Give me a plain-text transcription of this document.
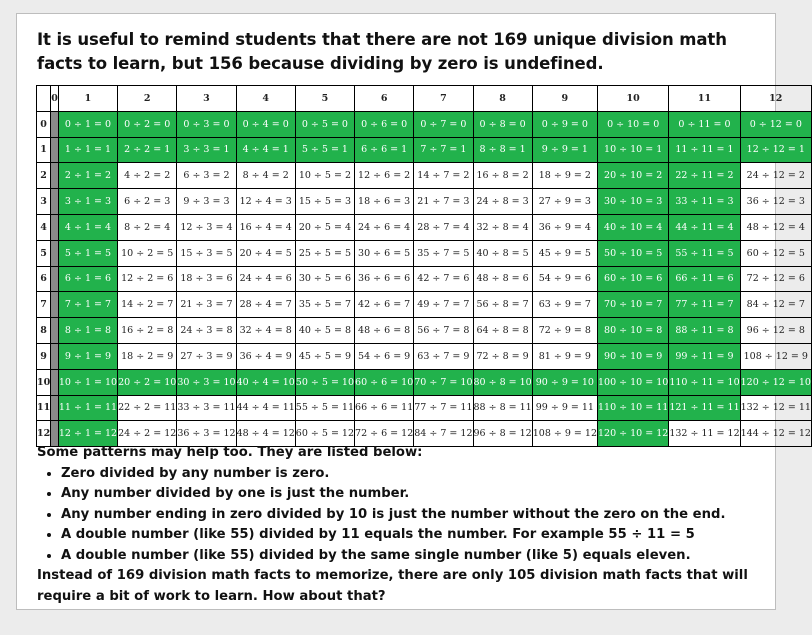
It is useful to remind students that there are not 169 unique division math facts to learn, but 156 because dividing by zero is undefined.
	0	1	2	3	4	5	6	7	8	9	10	11	12
0		0 ÷ 1 = 0	0 ÷ 2 = 0	0 ÷ 3 = 0	0 ÷ 4 = 0	0 ÷ 5 = 0	0 ÷ 6 = 0	0 ÷ 7 = 0	0 ÷ 8 = 0	0 ÷ 9 = 0	0 ÷ 10 = 0	0 ÷ 11 = 0	0 ÷ 12 = 0
1		1 ÷ 1 = 1	2 ÷ 2 = 1	3 ÷ 3 = 1	4 ÷ 4 = 1	5 ÷ 5 = 1	6 ÷ 6 = 1	7 ÷ 7 = 1	8 ÷ 8 = 1	9 ÷ 9 = 1	10 ÷ 10 = 1	11 ÷ 11 = 1	12 ÷ 12 = 1
2		2 ÷ 1 = 2	4 ÷ 2 = 2	6 ÷ 3 = 2	8 ÷ 4 = 2	10 ÷ 5 = 2	12 ÷ 6 = 2	14 ÷ 7 = 2	16 ÷ 8 = 2	18 ÷ 9 = 2	20 ÷ 10 = 2	22 ÷ 11 = 2	24 ÷ 12 = 2
3		3 ÷ 1 = 3	6 ÷ 2 = 3	9 ÷ 3 = 3	12 ÷ 4 = 3	15 ÷ 5 = 3	18 ÷ 6 = 3	21 ÷ 7 = 3	24 ÷ 8 = 3	27 ÷ 9 = 3	30 ÷ 10 = 3	33 ÷ 11 = 3	36 ÷ 12 = 3
4		4 ÷ 1 = 4	8 ÷ 2 = 4	12 ÷ 3 = 4	16 ÷ 4 = 4	20 ÷ 5 = 4	24 ÷ 6 = 4	28 ÷ 7 = 4	32 ÷ 8 = 4	36 ÷ 9 = 4	40 ÷ 10 = 4	44 ÷ 11 = 4	48 ÷ 12 = 4
5		5 ÷ 1 = 5	10 ÷ 2 = 5	15 ÷ 3 = 5	20 ÷ 4 = 5	25 ÷ 5 = 5	30 ÷ 6 = 5	35 ÷ 7 = 5	40 ÷ 8 = 5	45 ÷ 9 = 5	50 ÷ 10 = 5	55 ÷ 11 = 5	60 ÷ 12 = 5
6		6 ÷ 1 = 6	12 ÷ 2 = 6	18 ÷ 3 = 6	24 ÷ 4 = 6	30 ÷ 5 = 6	36 ÷ 6 = 6	42 ÷ 7 = 6	48 ÷ 8 = 6	54 ÷ 9 = 6	60 ÷ 10 = 6	66 ÷ 11 = 6	72 ÷ 12 = 6
7		7 ÷ 1 = 7	14 ÷ 2 = 7	21 ÷ 3 = 7	28 ÷ 4 = 7	35 ÷ 5 = 7	42 ÷ 6 = 7	49 ÷ 7 = 7	56 ÷ 8 = 7	63 ÷ 9 = 7	70 ÷ 10 = 7	77 ÷ 11 = 7	84 ÷ 12 = 7
8		8 ÷ 1 = 8	16 ÷ 2 = 8	24 ÷ 3 = 8	32 ÷ 4 = 8	40 ÷ 5 = 8	48 ÷ 6 = 8	56 ÷ 7 = 8	64 ÷ 8 = 8	72 ÷ 9 = 8	80 ÷ 10 = 8	88 ÷ 11 = 8	96 ÷ 12 = 8
9		9 ÷ 1 = 9	18 ÷ 2 = 9	27 ÷ 3 = 9	36 ÷ 4 = 9	45 ÷ 5 = 9	54 ÷ 6 = 9	63 ÷ 7 = 9	72 ÷ 8 = 9	81 ÷ 9 = 9	90 ÷ 10 = 9	99 ÷ 11 = 9	108 ÷ 12 = 9
10		10 ÷ 1 = 10	20 ÷ 2 = 10	30 ÷ 3 = 10	40 ÷ 4 = 10	50 ÷ 5 = 10	60 ÷ 6 = 10	70 ÷ 7 = 10	80 ÷ 8 = 10	90 ÷ 9 = 10	100 ÷ 10 = 10	110 ÷ 11 = 10	120 ÷ 12 = 10
11		11 ÷ 1 = 11	22 ÷ 2 = 11	33 ÷ 3 = 11	44 ÷ 4 = 11	55 ÷ 5 = 11	66 ÷ 6 = 11	77 ÷ 7 = 11	88 ÷ 8 = 11	99 ÷ 9 = 11	110 ÷ 10 = 11	121 ÷ 11 = 11	132 ÷ 12 = 11
12		12 ÷ 1 = 12	24 ÷ 2 = 12	36 ÷ 3 = 12	48 ÷ 4 = 12	60 ÷ 5 = 12	72 ÷ 6 = 12	84 ÷ 7 = 12	96 ÷ 8 = 12	108 ÷ 9 = 12	120 ÷ 10 = 12	132 ÷ 11 = 12	144 ÷ 12 = 12

Some patterns may help too. They are listed below:

• Zero divided by any number is zero.
• Any number divided by one is just the number.
• Any number ending in zero divided by 10 is just the number without the zero on the end.
• A double number (like 55) divided by 11 equals the number. For example 55 ÷ 11 = 5
• A double number (like 55) divided by the same single number (like 5) equals eleven.

Instead of 169 division math facts to memorize, there are only 105 division math facts that will require a bit of work to learn. How about that?
